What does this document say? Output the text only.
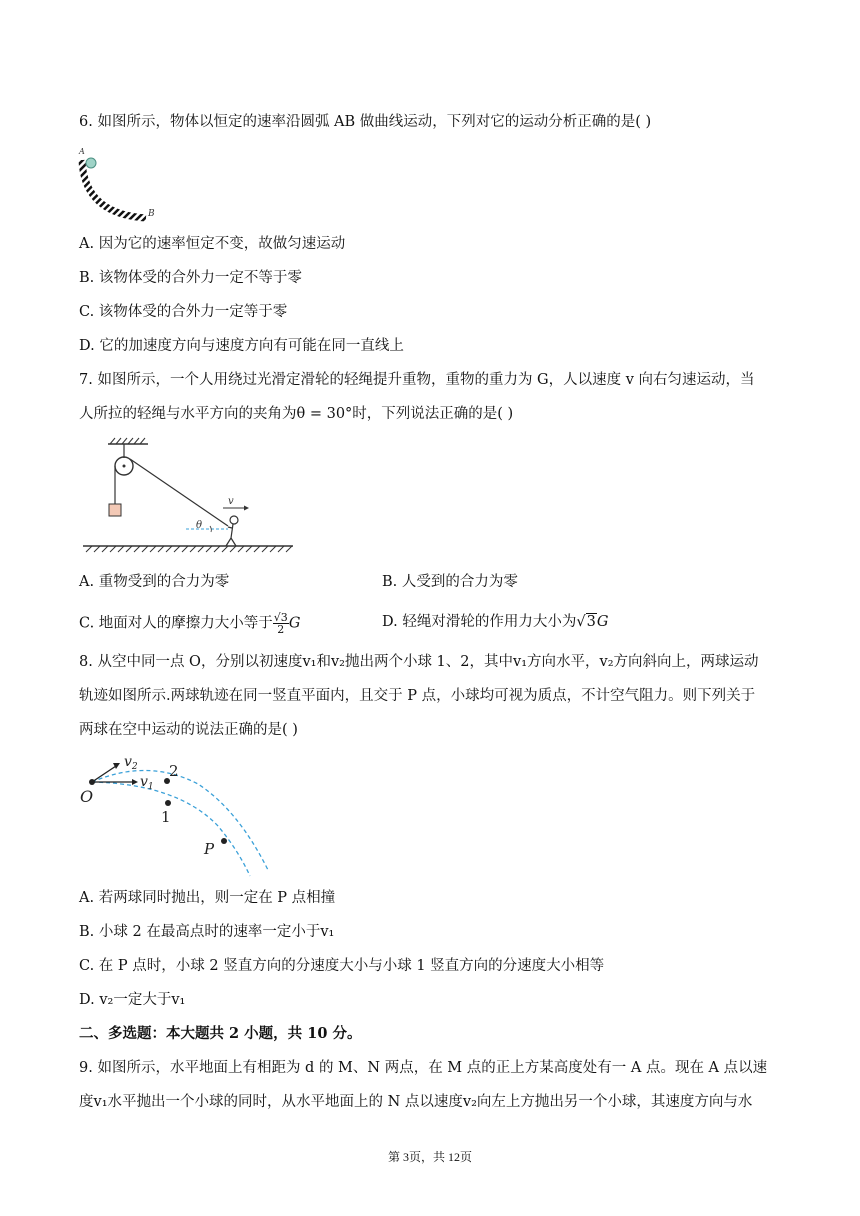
6. 如图所示，物体以恒定的速率沿圆弧 AB 做曲线运动，下列对它的运动分析正确的是( )
A
B
A. 因为它的速率恒定不变，故做匀速运动
B. 该物体受的合外力一定不等于零
C. 该物体受的合外力一定等于零
D. 它的加速度方向与速度方向有可能在同一直线上
7. 如图所示，一个人用绕过光滑定滑轮的轻绳提升重物，重物的重力为 G，人以速度 v 向右匀速运动，当
人所拉的轻绳与水平方向的夹角为θ = 30°时，下列说法正确的是( )
θ
v
A. 重物受到的合力为零	B. 人受到的合力为零
C. 地面对人的摩擦力大小等于 $\frac{√3}{2}$ G	D. 轻绳对滑轮的作用力大小为√3G
8. 从空中同一点 O，分别以初速度v₁和v₂抛出两个小球 1、2，其中v₁方向水平，v₂方向斜向上，两球运动
轨迹如图所示.两球轨迹在同一竖直平面内，且交于 P 点，小球均可视为质点，不计空气阻力。则下列关于
两球在空中运动的说法正确的是( )
O
P
2
1
$v_2$
$v_1$
A. 若两球同时抛出，则一定在 P 点相撞
B. 小球 2 在最高点时的速率一定小于v₁
C. 在 P 点时，小球 2 竖直方向的分速度大小与小球 1 竖直方向的分速度大小相等
D. v₂一定大于v₁
二、多选题：本大题共 2 小题，共 10 分。
9. 如图所示，水平地面上有相距为 d 的 M、N 两点，在 M 点的正上方某高度处有一 A 点。现在 A 点以速
度v₁水平抛出一个小球的同时，从水平地面上的 N 点以速度v₂向左上方抛出另一个小球，其速度方向与水
第 3页，共 12页
